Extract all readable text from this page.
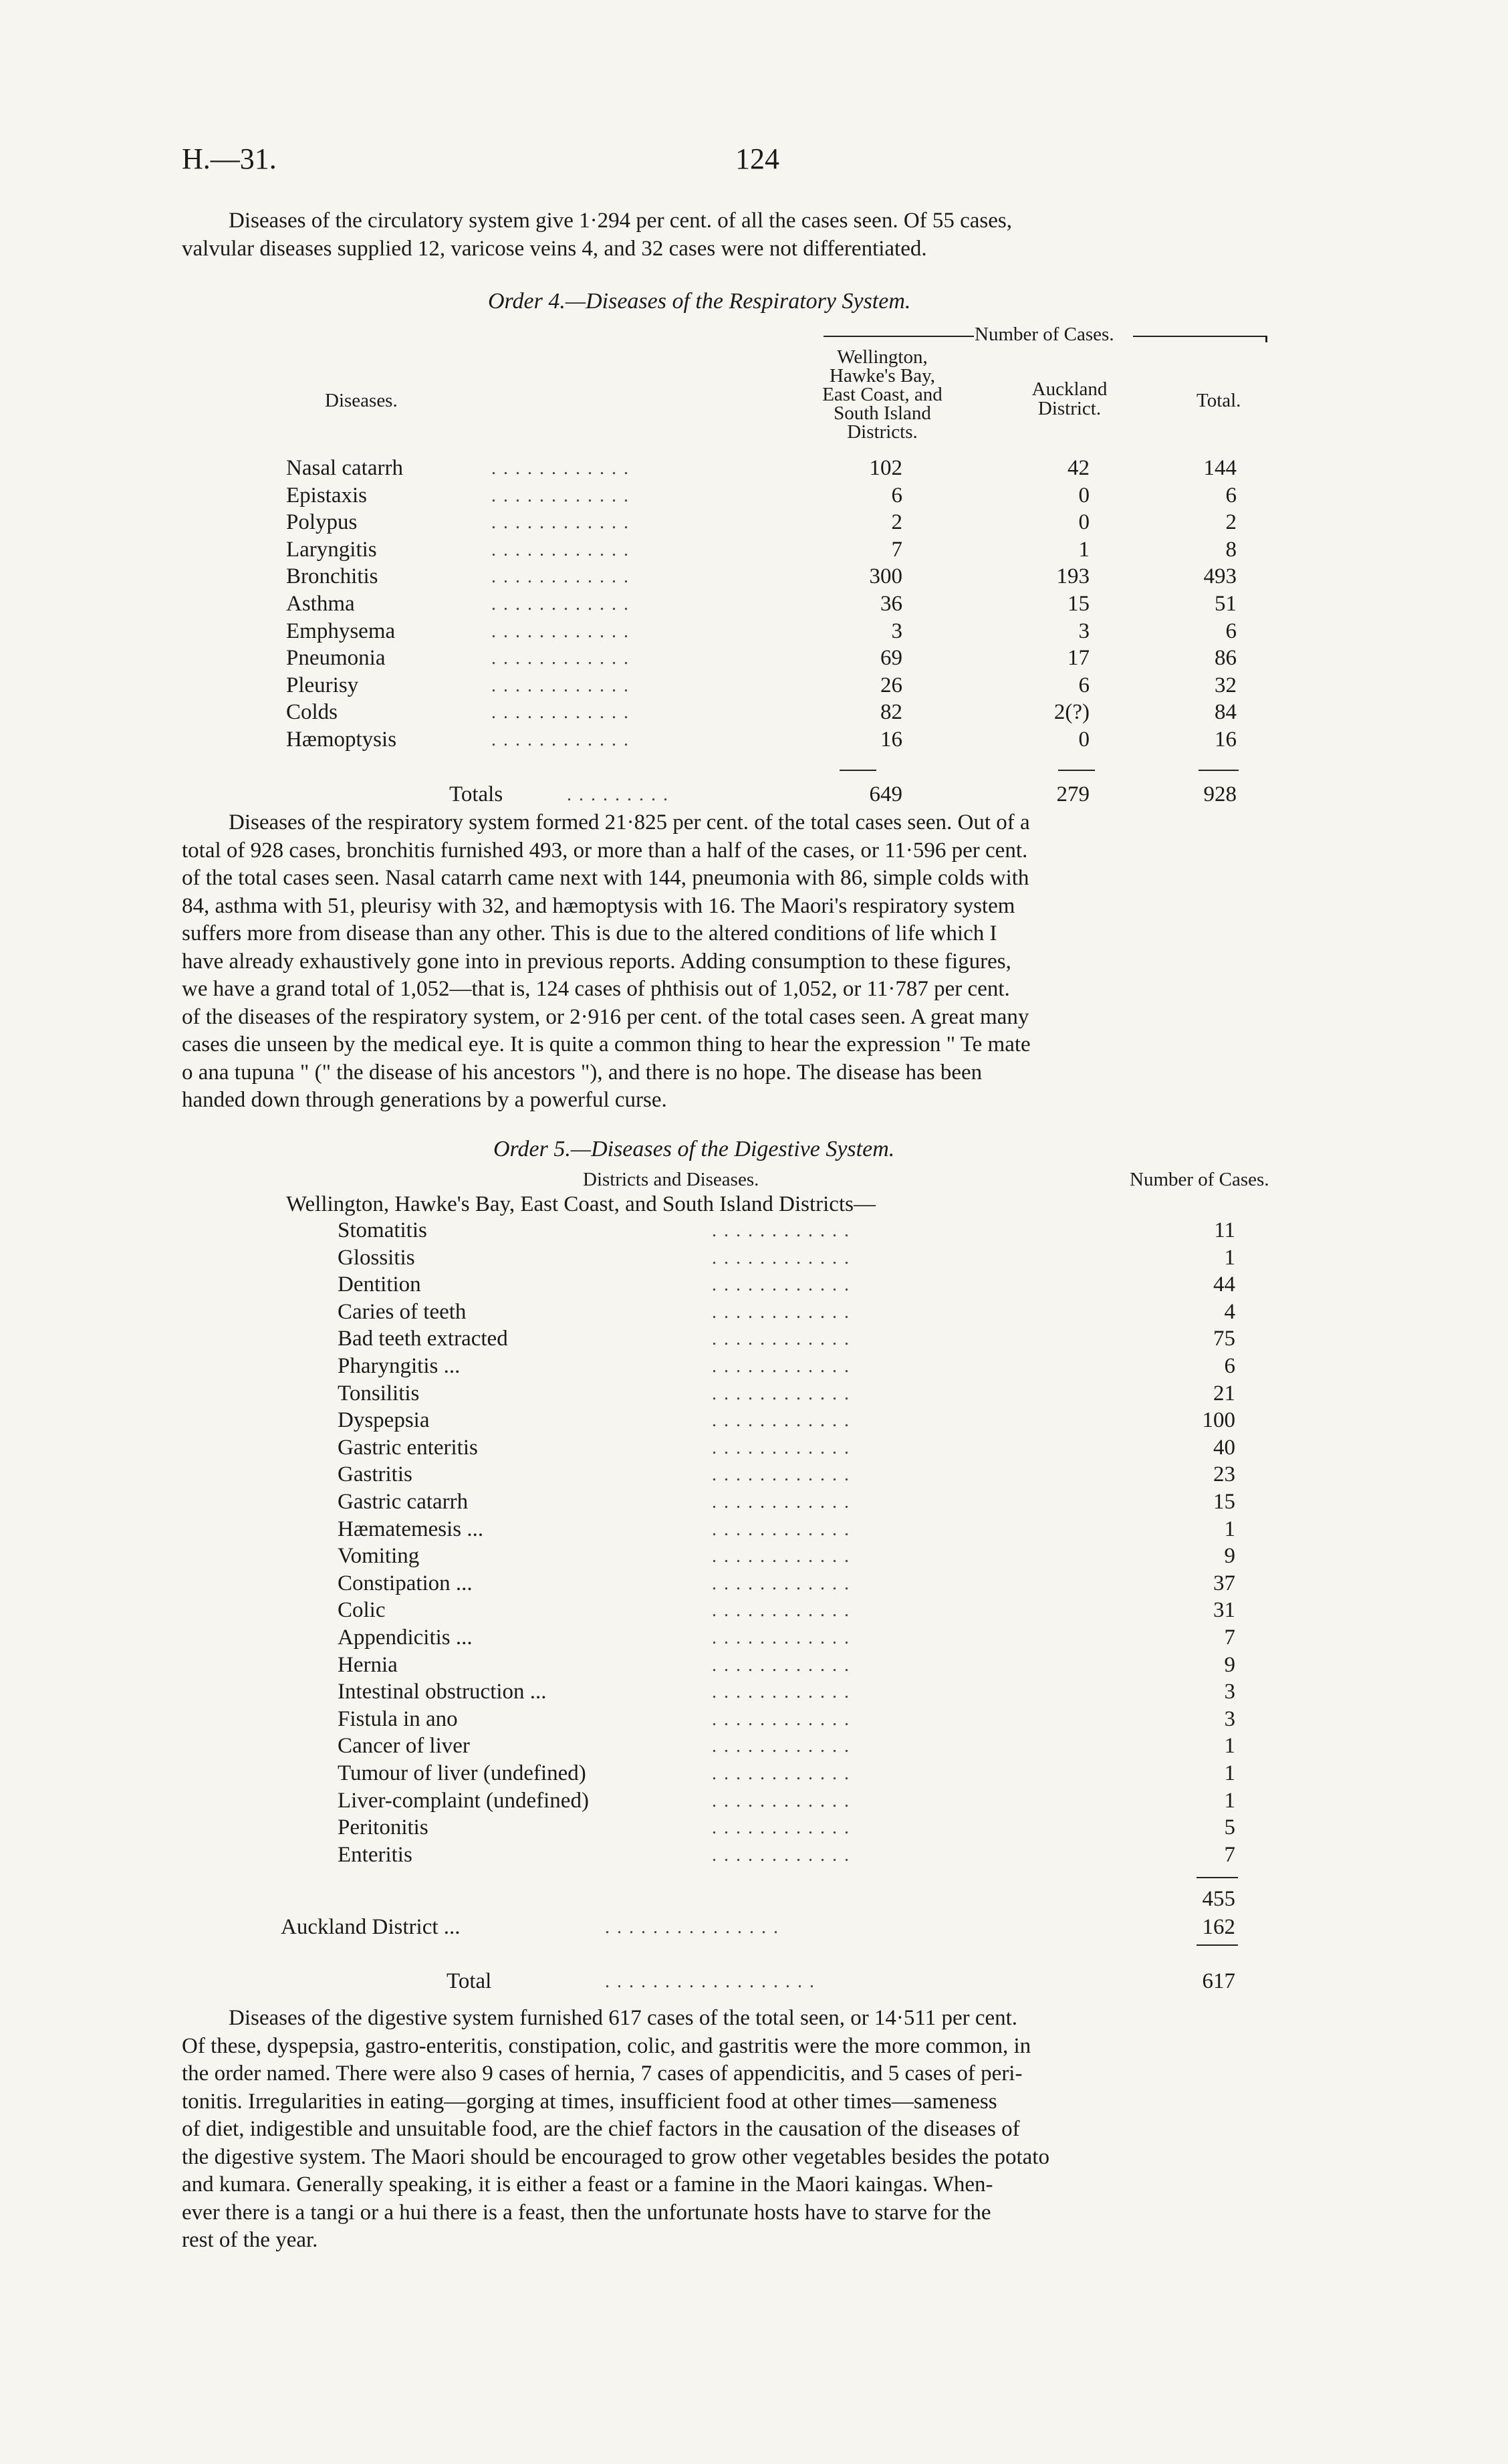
H.—31.	124
Diseases of the circulatory system give 1·294 per cent. of all the cases seen. Of 55 cases,
valvular diseases supplied 12, varicose veins 4, and 32 cases were not differentiated.
Order 4.—Diseases of the Respiratory System.
Number of Cases.
Diseases.
Wellington,
Hawke's Bay,
East Coast, and
South Island
Districts.
Auckland
District.	Total.
Nasal catarrh	. . . . . . . . . . . .	102	42	144
Epistaxis	. . . . . . . . . . . .	6	0	6
Polypus	. . . . . . . . . . . .	2	0	2
Laryngitis	. . . . . . . . . . . .	7	1	8
Bronchitis	. . . . . . . . . . . .	300	193	493
Asthma	. . . . . . . . . . . .	36	15	51
Emphysema	. . . . . . . . . . . .	3	3	6
Pneumonia	. . . . . . . . . . . .	69	17	86
Pleurisy	. . . . . . . . . . . .	26	6	32
Colds	. . . . . . . . . . . .	82	2(?)	84
Hæmoptysis	. . . . . . . . . . . .	16	0	16
Totals	. . . . . . . . .	649	279	928
Diseases of the respiratory system formed 21·825 per cent. of the total cases seen. Out of a
total of 928 cases, bronchitis furnished 493, or more than a half of the cases, or 11·596 per cent.
of the total cases seen. Nasal catarrh came next with 144, pneumonia with 86, simple colds with
84, asthma with 51, pleurisy with 32, and hæmoptysis with 16. The Maori's respiratory system
suffers more from disease than any other. This is due to the altered conditions of life which I
have already exhaustively gone into in previous reports. Adding consumption to these figures,
we have a grand total of 1,052—that is, 124 cases of phthisis out of 1,052, or 11·787 per cent.
of the diseases of the respiratory system, or 2·916 per cent. of the total cases seen. A great many
cases die unseen by the medical eye. It is quite a common thing to hear the expression " Te mate
o ana tupuna " (" the disease of his ancestors "), and there is no hope. The disease has been
handed down through generations by a powerful curse.
Order 5.—Diseases of the Digestive System.
Districts and Diseases.	Number of Cases.
Wellington, Hawke's Bay, East Coast, and South Island Districts—
Stomatitis	. . . . . . . . . . . .	11
Glossitis	. . . . . . . . . . . .	1
Dentition	. . . . . . . . . . . .	44
Caries of teeth	. . . . . . . . . . . .	4
Bad teeth extracted	. . . . . . . . . . . .	75
Pharyngitis ...	. . . . . . . . . . . .	6
Tonsilitis	. . . . . . . . . . . .	21
Dyspepsia	. . . . . . . . . . . .	100
Gastric enteritis	. . . . . . . . . . . .	40
Gastritis	. . . . . . . . . . . .	23
Gastric catarrh	. . . . . . . . . . . .	15
Hæmatemesis ...	. . . . . . . . . . . .	1
Vomiting	. . . . . . . . . . . .	9
Constipation ...	. . . . . . . . . . . .	37
Colic	. . . . . . . . . . . .	31
Appendicitis ...	. . . . . . . . . . . .	7
Hernia	. . . . . . . . . . . .	9
Intestinal obstruction ...	. . . . . . . . . . . .	3
Fistula in ano	. . . . . . . . . . . .	3
Cancer of liver	. . . . . . . . . . . .	1
Tumour of liver (undefined)	. . . . . . . . . . . .	1
Liver-complaint (undefined)	. . . . . . . . . . . .	1
Peritonitis	. . . . . . . . . . . .	5
Enteritis	. . . . . . . . . . . .	7
455
Auckland District ...	. . . . . . . . . . . . . . .	162
Total	. . . . . . . . . . . . . . . . . .	617
Diseases of the digestive system furnished 617 cases of the total seen, or 14·511 per cent.
Of these, dyspepsia, gastro-enteritis, constipation, colic, and gastritis were the more common, in
the order named. There were also 9 cases of hernia, 7 cases of appendicitis, and 5 cases of peri-
tonitis. Irregularities in eating—gorging at times, insufficient food at other times—sameness
of diet, indigestible and unsuitable food, are the chief factors in the causation of the diseases of
the digestive system. The Maori should be encouraged to grow other vegetables besides the potato
and kumara. Generally speaking, it is either a feast or a famine in the Maori kaingas. When-
ever there is a tangi or a hui there is a feast, then the unfortunate hosts have to starve for the
rest of the year.
